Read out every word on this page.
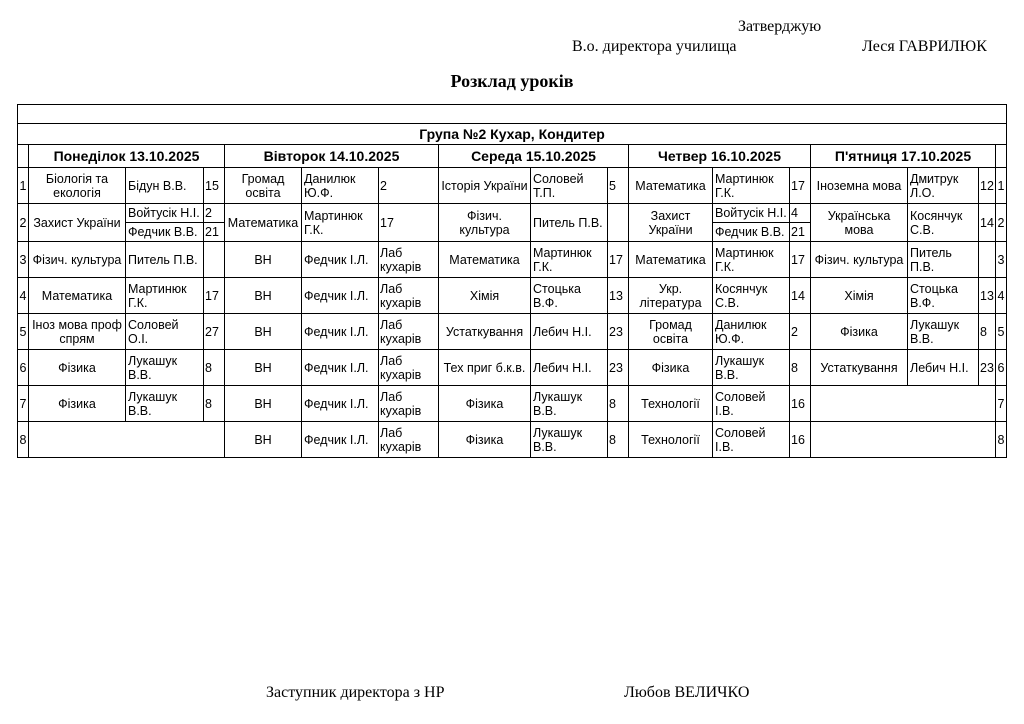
Затверджую
В.о. директора училища	Леся ГАВРИЛЮК
Розклад уроків

Група №2 Кухар, Кондитер																
	Понеділок 13.10.2025			Вівторок 14.10.2025			Середа 15.10.2025			Четвер 16.10.2025			П'ятниця 17.10.2025			
1	Біологія та екологія	Бідун В.В.	15	Громад освіта	Данилюк Ю.Ф.	2	Історія України	Соловей Т.П.	5	Математика	Мартинюк Г.К.	17	Іноземна мова	Дмитрук Л.О.	12	1
2	Захист України	Войтусік Н.І.	2	Математика	Мартинюк Г.К.	17	Фізич. культура	Питель П.В.		Захист України	Войтусік Н.І.	4	Українська мова	Косянчук С.В.	14	2
		Федчик В.В.	21								Федчик В.В.	21				
3	Фізич. культура	Питель П.В.		ВН	Федчик І.Л.	Лаб кухарів	Математика	Мартинюк Г.К.	17	Математика	Мартинюк Г.К.	17	Фізич. культура	Питель П.В.		3
4	Математика	Мартинюк Г.К.	17	ВН	Федчик І.Л.	Лаб кухарів	Хімія	Стоцька В.Ф.	13	Укр. література	Косянчук С.В.	14	Хімія	Стоцька В.Ф.	13	4
5	Іноз мова проф спрям	Соловей О.І.	27	ВН	Федчик І.Л.	Лаб кухарів	Устаткування	Лебич Н.І.	23	Громад освіта	Данилюк Ю.Ф.	2	Фізика	Лукашук В.В.	8	5
6	Фізика	Лукашук В.В.	8	ВН	Федчик І.Л.	Лаб кухарів	Тех приг б.к.в.	Лебич Н.І.	23	Фізика	Лукашук В.В.	8	Устаткування	Лебич Н.І.	23	6
7	Фізика	Лукашук В.В.	8	ВН	Федчик І.Л.	Лаб кухарів	Фізика	Лукашук В.В.	8	Технології	Соловей І.В.	16				7
8				ВН	Федчик І.Л.	Лаб кухарів	Фізика	Лукашук В.В.	8	Технології	Соловей І.В.	16				8
Заступник директора з НР	Любов ВЕЛИЧКО
